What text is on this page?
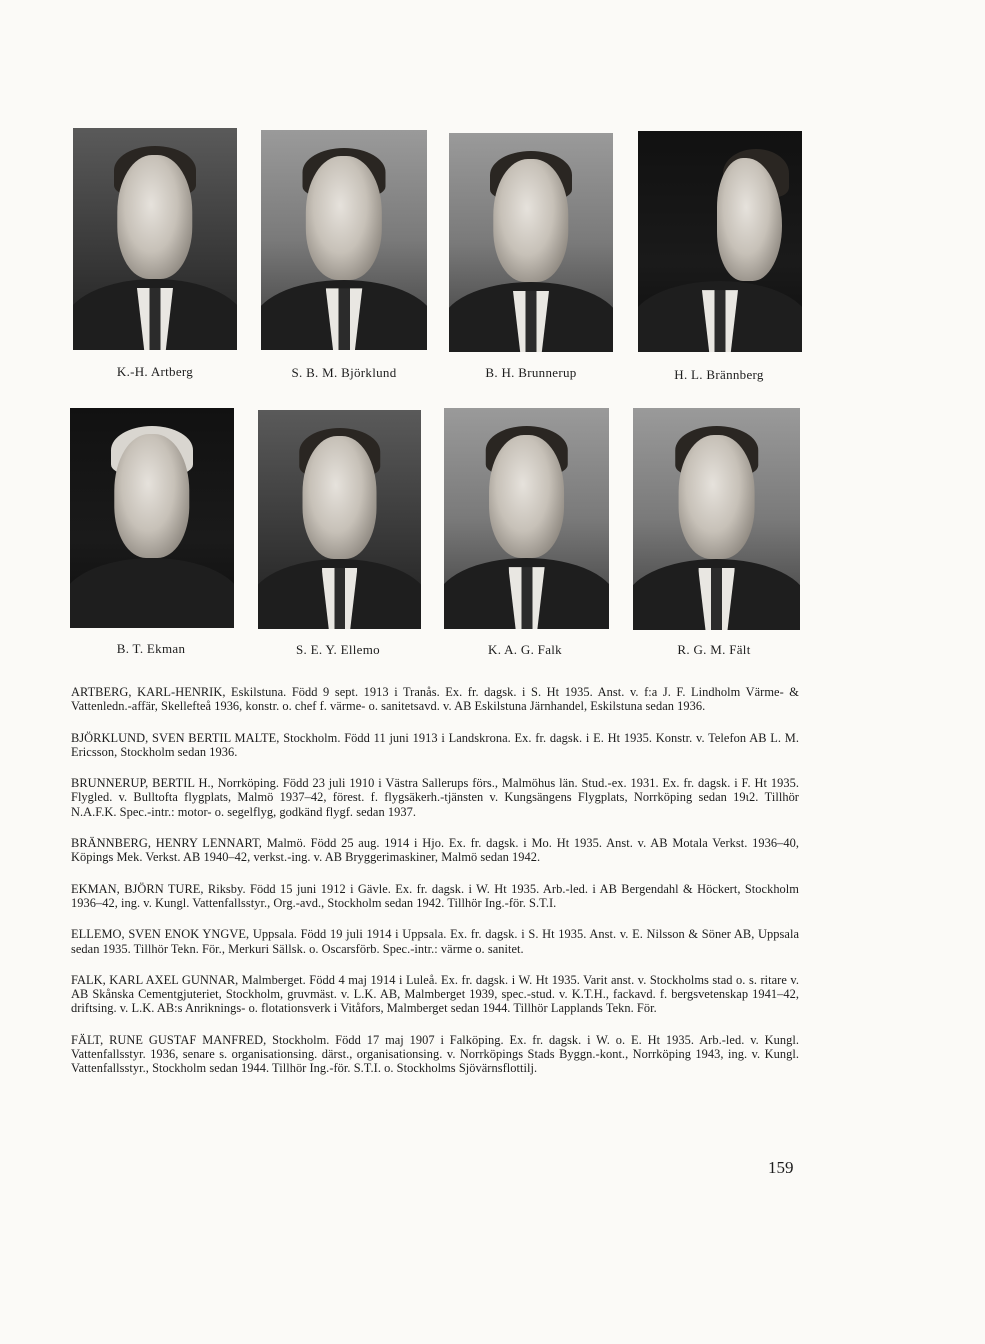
K.-H. Artberg	S. B. M. Björklund	B. H. Brunnerup	H. L. Brännberg
B. T. Ekman	S. E. Y. Ellemo	K. A. G. Falk	R. G. M. Fält

ARTBERG, KARL-HENRIK, Eskilstuna. Född 9 sept. 1913 i Tranås. Ex. fr. dagsk. i S. Ht 1935. Anst. v. f:a J. F. Lindholm Värme- & Vattenledn.-affär, Skellefteå 1936, konstr. o. chef f. värme- o. sanitetsavd. v. AB Eskilstuna Järnhandel, Eskilstuna sedan 1936.

BJÖRKLUND, SVEN BERTIL MALTE, Stockholm. Född 11 juni 1913 i Landskrona. Ex. fr. dagsk. i E. Ht 1935. Konstr. v. Telefon AB L. M. Ericsson, Stockholm sedan 1936.

BRUNNERUP, BERTIL H., Norrköping. Född 23 juli 1910 i Västra Sallerups förs., Malmöhus län. Stud.-ex. 1931. Ex. fr. dagsk. i F. Ht 1935. Flygled. v. Bulltofta flygplats, Malmö 1937–42, förest. f. flygsäkerh.-tjänsten v. Kungsängens Flygplats, Norrköping sedan 19ι2. Tillhör N.A.F.K. Spec.-intr.: motor- o. segelflyg, godkänd flygf. sedan 1937.

BRÄNNBERG, HENRY LENNART, Malmö. Född 25 aug. 1914 i Hjo. Ex. fr. dagsk. i Mo. Ht 1935. Anst. v. AB Motala Verkst. 1936–40, Köpings Mek. Verkst. AB 1940–42, verkst.-ing. v. AB Bryggerimaskiner, Malmö sedan 1942.

EKMAN, BJÖRN TURE, Riksby. Född 15 juni 1912 i Gävle. Ex. fr. dagsk. i W. Ht 1935. Arb.-led. i AB Bergendahl & Höckert, Stockholm 1936–42, ing. v. Kungl. Vattenfallsstyr., Org.-avd., Stockholm sedan 1942. Tillhör Ing.-för. S.T.I.

ELLEMO, SVEN ENOK YNGVE, Uppsala. Född 19 juli 1914 i Uppsala. Ex. fr. dagsk. i S. Ht 1935. Anst. v. E. Nilsson & Söner AB, Uppsala sedan 1935. Tillhör Tekn. För., Merkuri Sällsk. o. Oscarsförb. Spec.-intr.: värme o. sanitet.

FALK, KARL AXEL GUNNAR, Malmberget. Född 4 maj 1914 i Luleå. Ex. fr. dagsk. i W. Ht 1935. Varit anst. v. Stockholms stad o. s. ritare v. AB Skånska Cementgjuteriet, Stockholm, gruvmäst. v. L.K. AB, Malmberget 1939, spec.-stud. v. K.T.H., fackavd. f. bergsvetenskap 1941–42, driftsing. v. L.K. AB:s Anriknings- o. flotationsverk i Vitåfors, Malmberget sedan 1944. Tillhör Lapplands Tekn. För.

FÄLT, RUNE GUSTAF MANFRED, Stockholm. Född 17 maj 1907 i Falköping. Ex. fr. dagsk. i W. o. E. Ht 1935. Arb.-led. v. Kungl. Vattenfallsstyr. 1936, senare s. organisationsing. därst., organisationsing. v. Norrköpings Stads Byggn.-kont., Norrköping 1943, ing. v. Kungl. Vattenfallsstyr., Stockholm sedan 1944. Tillhör Ing.-för. S.T.I. o. Stockholms Sjövärnsflottilj.

159
